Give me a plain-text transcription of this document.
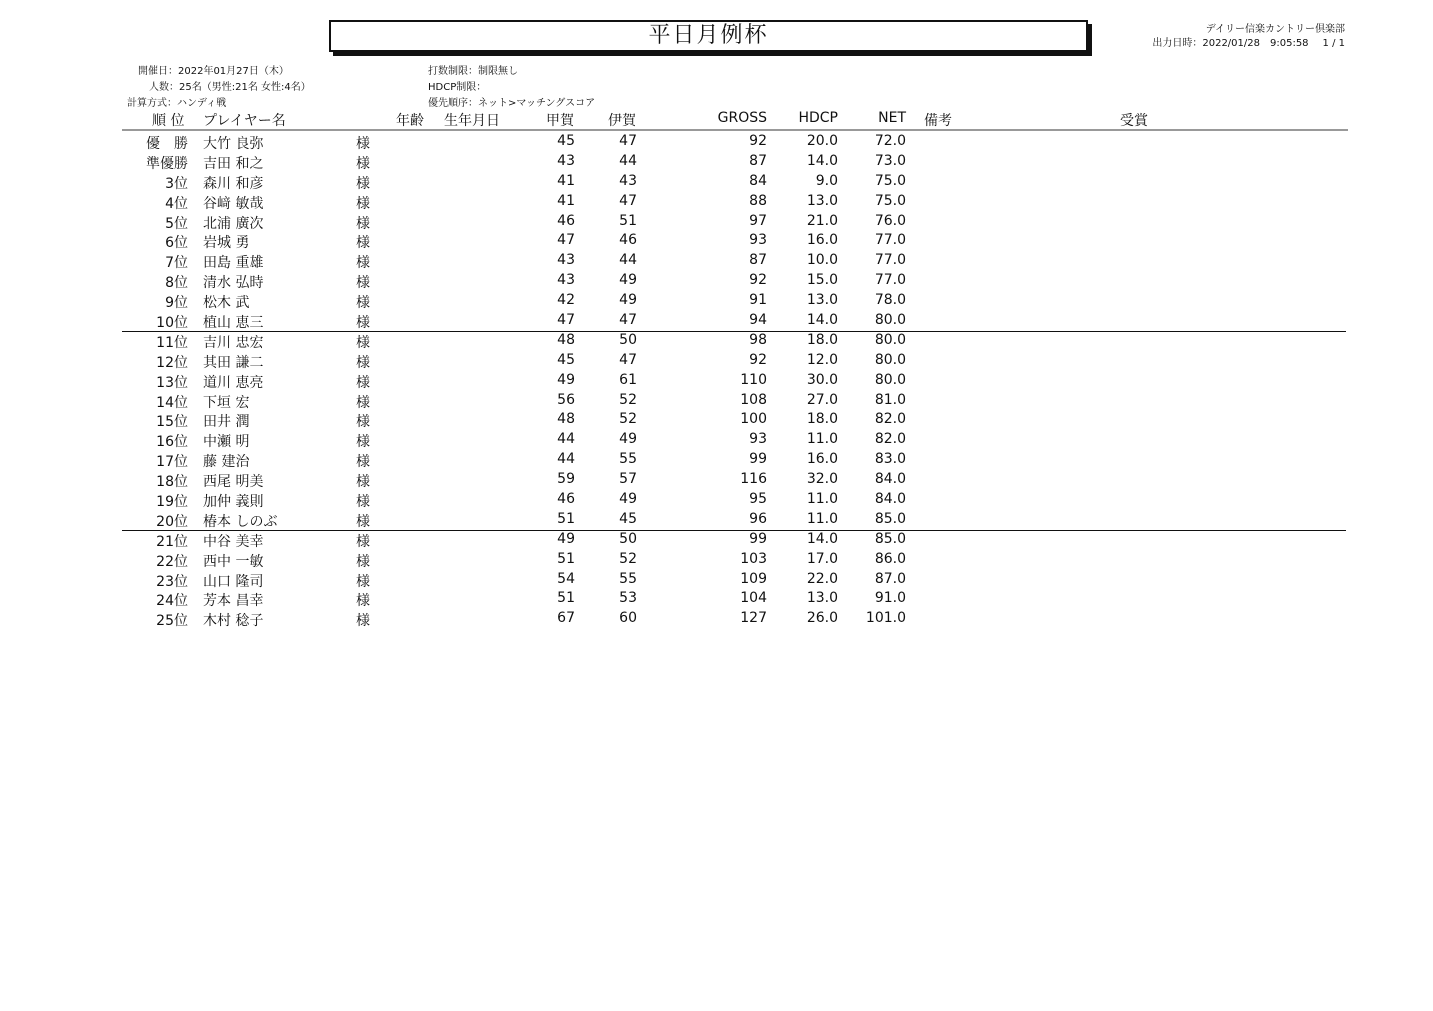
平日月例杯	デイリー信楽カントリー倶楽部
出力日時：2022/01/28　9:05:58 1 / 1
開催日：2022年01月27日（木）
人数：25名（男性:21名 女性:4名）
計算方式：ハンディ戦
打数制限：制限無し
HDCP制限：
優先順序：ネット>マッチングスコア
順 位 プレイヤー名	年齢 生年月日	甲賀 伊賀	GROSS HDCP	NET 備考	受賞
優勝 大竹 良弥	様	45	47	92	20.0	72.0
準優勝 吉田 和之	様	43	44	87	14.0	73.0
3位 森川 和彦	様	41	43	84	9.0	75.0
4位 谷﨑 敏哉	様	41	47	88	13.0	75.0
5位 北浦 廣次	様	46	51	97	21.0	76.0
6位 岩城 勇	様	47	46	93	16.0	77.0
7位 田島 重雄	様	43	44	87	10.0	77.0
8位 清水 弘時	様	43	49	92	15.0	77.0
9位 松木 武	様	42	49	91	13.0	78.0
10位 植山 恵三	様	47	47	94	14.0	80.0
11位 吉川 忠宏	様	48	50	98	18.0	80.0
12位 其田 謙二	様	45	47	92	12.0	80.0
13位 道川 恵亮	様	49	61	110	30.0	80.0
14位 下垣 宏	様	56	52	108	27.0	81.0
15位 田井 潤	様	48	52	100	18.0	82.0
16位 中瀬 明	様	44	49	93	11.0	82.0
17位 藤 建治	様	44	55	99	16.0	83.0
18位 西尾 明美	様	59	57	116	32.0	84.0
19位 加仲 義則	様	46	49	95	11.0	84.0
20位 椿本 しのぶ	様	51	45	96	11.0	85.0
21位 中谷 美幸	様	49	50	99	14.0	85.0
22位 西中 一敏	様	51	52	103	17.0	86.0
23位 山口 隆司	様	54	55	109	22.0	87.0
24位 芳本 昌幸	様	51	53	104	13.0	91.0
25位 木村 稔子	様	67	60	127	26.0 101.0
